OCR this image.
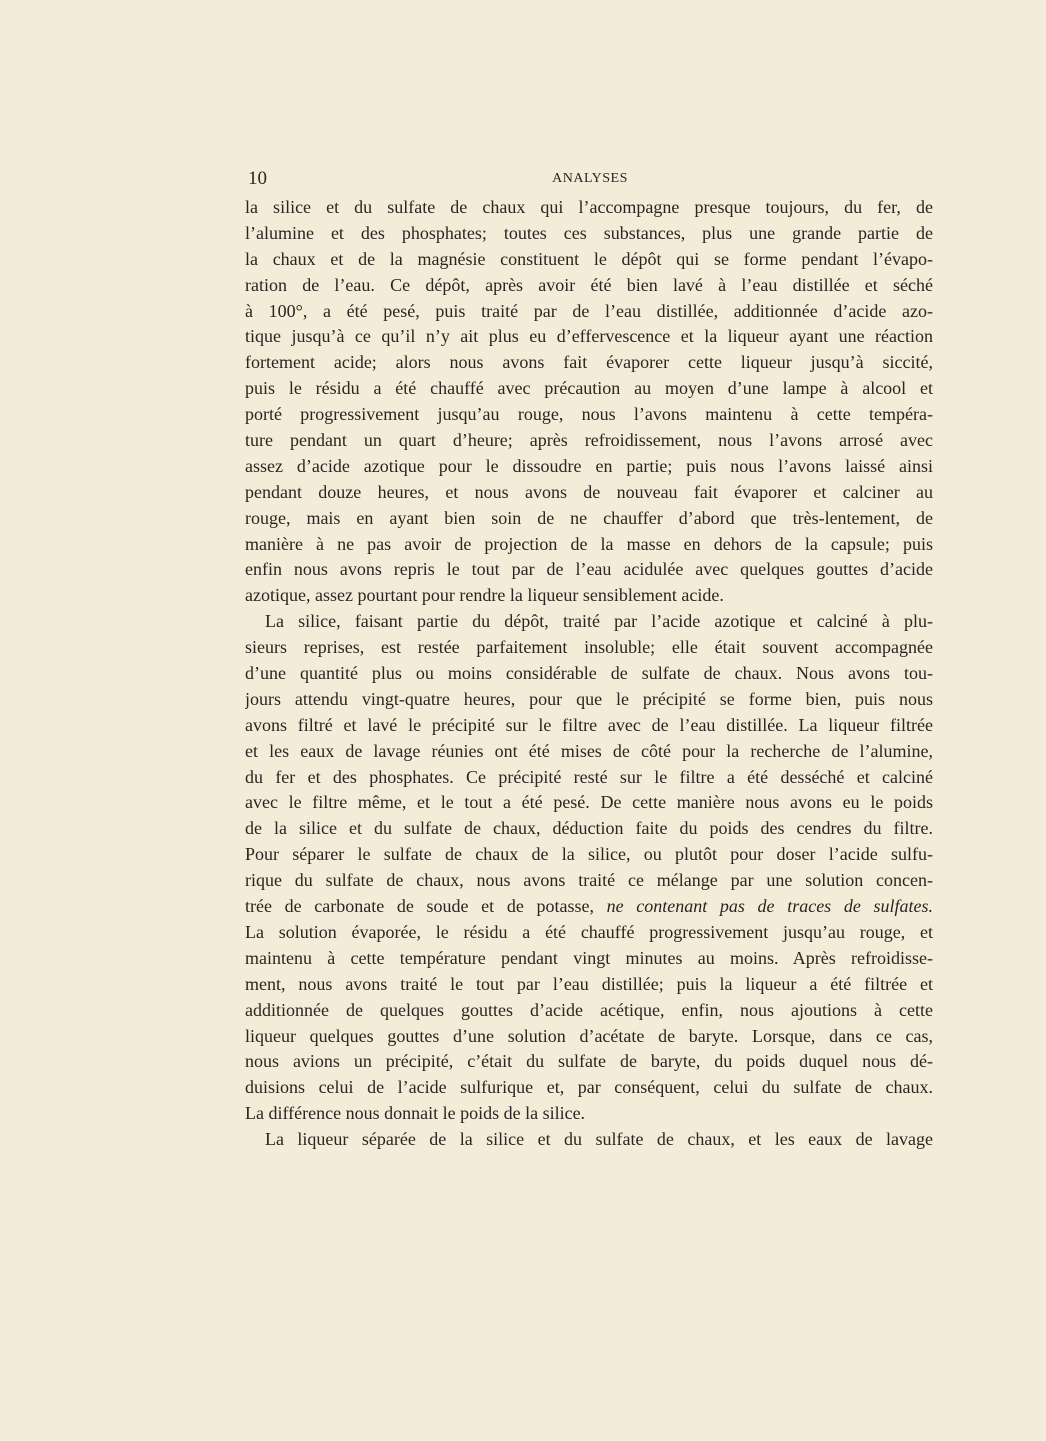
10	ANALYSES
la silice et du sulfate de chaux qui l’accompagne presque toujours, du fer, de
l’alumine et des phosphates; toutes ces substances, plus une grande partie de
la chaux et de la magnésie constituent le dépôt qui se forme pendant l’évapo-
ration de l’eau. Ce dépôt, après avoir été bien lavé à l’eau distillée et séché
à 100°, a été pesé, puis traité par de l’eau distillée, additionnée d’acide azo-
tique jusqu’à ce qu’il n’y ait plus eu d’effervescence et la liqueur ayant une réaction
fortement acide; alors nous avons fait évaporer cette liqueur jusqu’à siccité,
puis le résidu a été chauffé avec précaution au moyen d’une lampe à alcool et
porté progressivement jusqu’au rouge, nous l’avons maintenu à cette tempéra-
ture pendant un quart d’heure; après refroidissement, nous l’avons arrosé avec
assez d’acide azotique pour le dissoudre en partie; puis nous l’avons laissé ainsi
pendant douze heures, et nous avons de nouveau fait évaporer et calciner au
rouge, mais en ayant bien soin de ne chauffer d’abord que très-lentement, de
manière à ne pas avoir de projection de la masse en dehors de la capsule; puis
enfin nous avons repris le tout par de l’eau acidulée avec quelques gouttes d’acide
azotique, assez pourtant pour rendre la liqueur sensiblement acide.
La silice, faisant partie du dépôt, traité par l’acide azotique et calciné à plu-
sieurs reprises, est restée parfaitement insoluble; elle était souvent accompagnée
d’une quantité plus ou moins considérable de sulfate de chaux. Nous avons tou-
jours attendu vingt-quatre heures, pour que le précipité se forme bien, puis nous
avons filtré et lavé le précipité sur le filtre avec de l’eau distillée. La liqueur filtrée
et les eaux de lavage réunies ont été mises de côté pour la recherche de l’alumine,
du fer et des phosphates. Ce précipité resté sur le filtre a été desséché et calciné
avec le filtre même, et le tout a été pesé. De cette manière nous avons eu le poids
de la silice et du sulfate de chaux, déduction faite du poids des cendres du filtre.
Pour séparer le sulfate de chaux de la silice, ou plutôt pour doser l’acide sulfu-
rique du sulfate de chaux, nous avons traité ce mélange par une solution concen-
trée de carbonate de soude et de potasse, ne contenant pas de traces de sulfates.
La solution évaporée, le résidu a été chauffé progressivement jusqu’au rouge, et
maintenu à cette température pendant vingt minutes au moins. Après refroidisse-
ment, nous avons traité le tout par l’eau distillée; puis la liqueur a été filtrée et
additionnée de quelques gouttes d’acide acétique, enfin, nous ajoutions à cette
liqueur quelques gouttes d’une solution d’acétate de baryte. Lorsque, dans ce cas,
nous avions un précipité, c’était du sulfate de baryte, du poids duquel nous dé-
duisions celui de l’acide sulfurique et, par conséquent, celui du sulfate de chaux.
La différence nous donnait le poids de la silice.
La liqueur séparée de la silice et du sulfate de chaux, et les eaux de lavage
